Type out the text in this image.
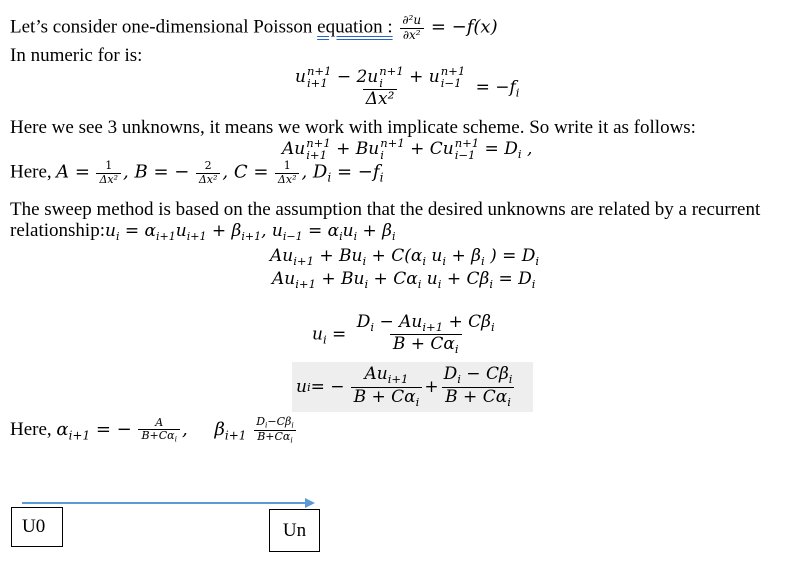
Let’s consider one-dimensional Poisson equation : $\frac{\text{∂²u}}{\text{∂x²}} = -f(x)$
In numeric for is:
u n+1
i+1 − 2u n+1
i	+ u n+1
i−1
$\Delta x^2 = -f_i$
Here we see 3 unknowns, it means we work with implicate scheme. So write it as follows:
Au n+1
i+1 + Bu n+1
i	+ Cu n+1
$i-1 = D_i$ ,
Here, $A = \frac{1}{\text{Δx²}}$ , B = − $\frac{2}{\text{Δx²}}$ , $C = \frac{1}{\text{Δx²}}$ , $D_i = -f_i$
The sweep method is based on the assumption that the desired unknowns are related by a recurrent
$relationship:u_i = \alpha_{i+1}u_{i+1} + \beta_{i+1}$, $u_{i-1} = \alpha_iu_i + \beta_i$
$Au_{i+1} + Bu_i + C(\alpha_i$ $u_i + \beta_i$ ) = $D_i$
$Au_{i+1} + Bu_i + C\alpha_i$ $u_i + C\beta_i = D_i$
$u_i = \frac{D_i - Au_{i+1} + C\beta_i}{B + C\alpha_i}$
u i = − $\frac{Au_{i+1}}{B + C\alpha_i} + \frac{D_i - C\beta_i}{B + C\alpha_i}$
Here, $\alpha_{i+1}$ = − $\frac{A}{B+C\alpha_i}$ , $\beta_{i+1} \frac{D_i-C\beta_i}{B+C\alpha_i}$
U0	Un
